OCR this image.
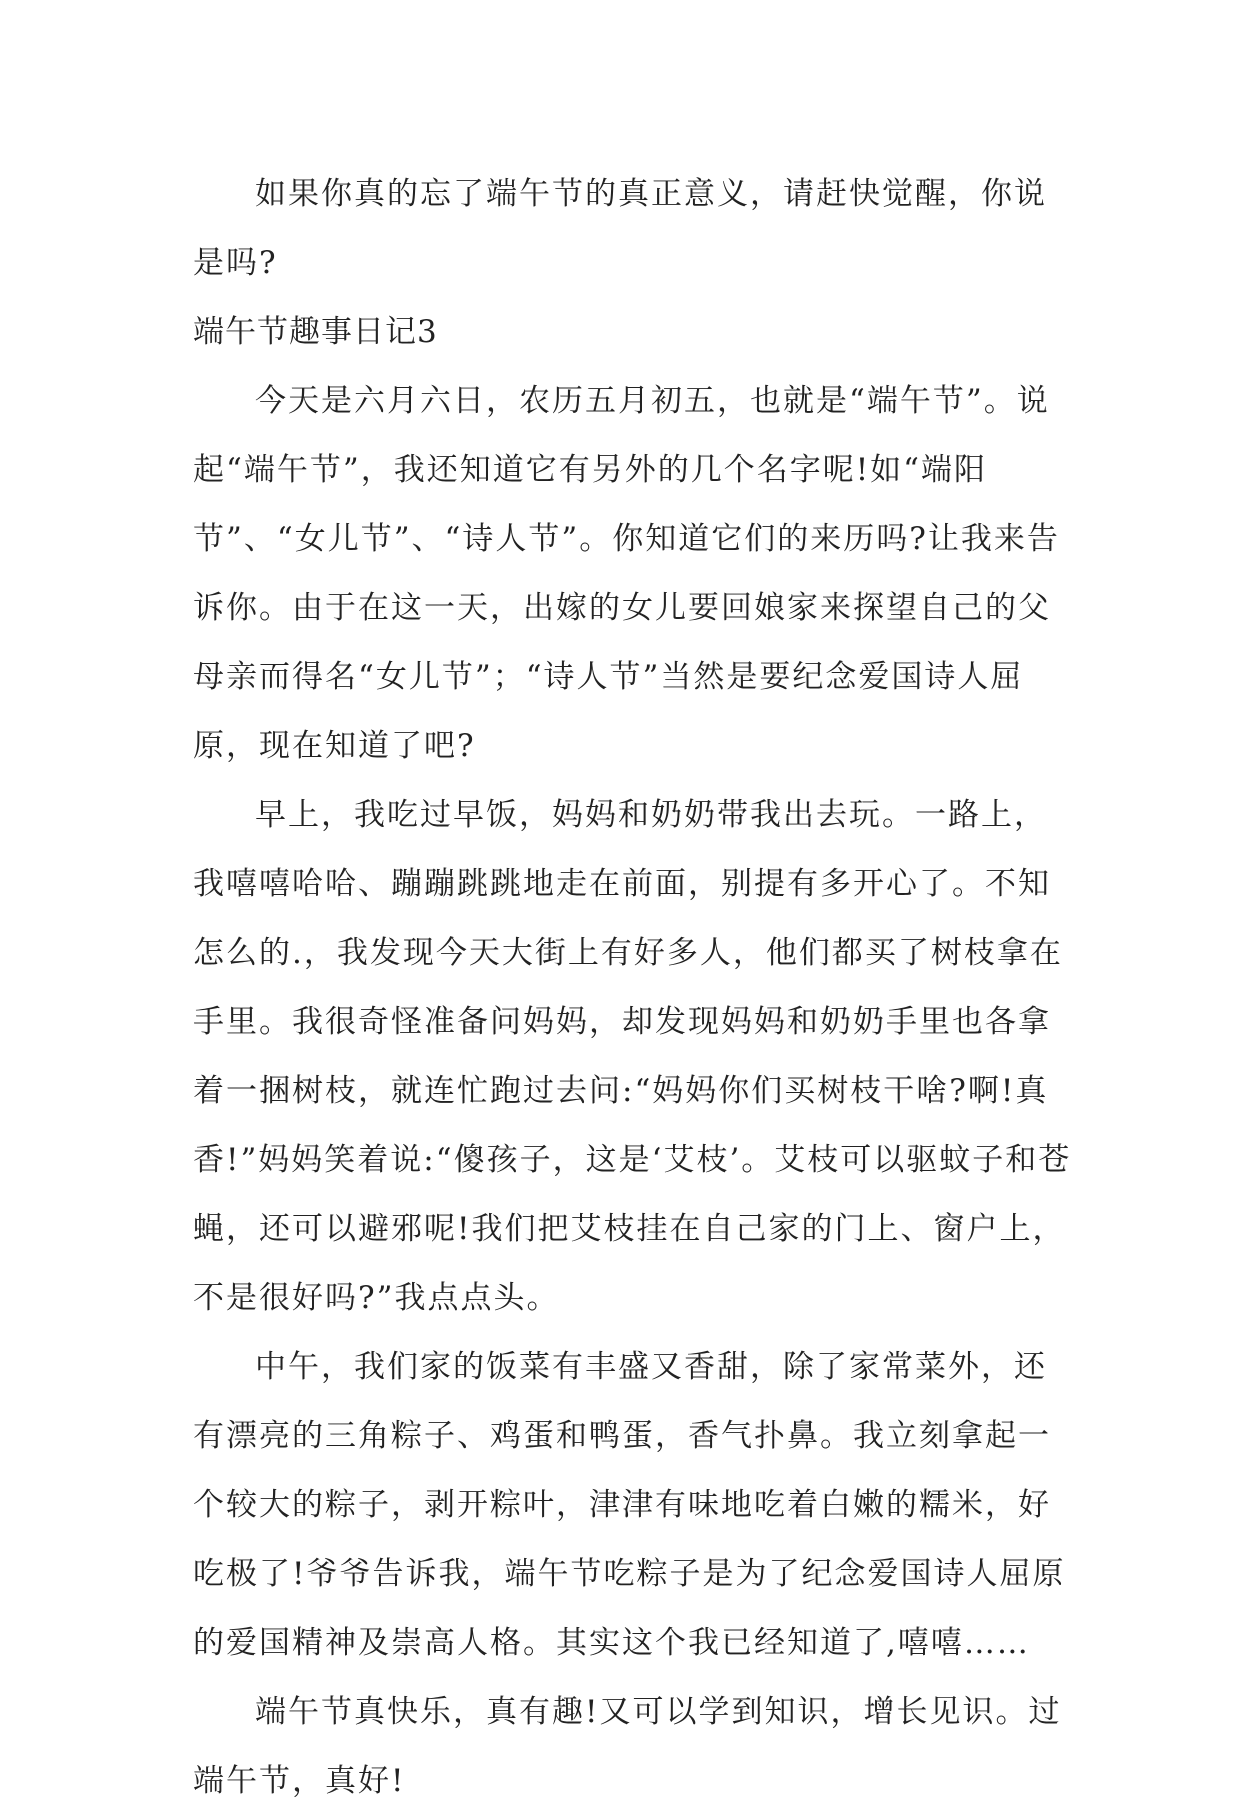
如果你真的忘了端午节的真正意义，请赶快觉醒，你说是吗?

端午节趣事日记3

今天是六月六日，农历五月初五，也就是“端午节”。说起“端午节”，我还知道它有另外的几个名字呢!如“端阳节”、“女儿节”、“诗人节”。你知道它们的来历吗?让我来告诉你。由于在这一天，出嫁的女儿要回娘家来探望自己的父母亲而得名“女儿节”；“诗人节”当然是要纪念爱国诗人屈原，现在知道了吧?

早上，我吃过早饭，妈妈和奶奶带我出去玩。一路上，我嘻嘻哈哈、蹦蹦跳跳地走在前面，别提有多开心了。不知怎么的.，我发现今天大街上有好多人，他们都买了树枝拿在手里。我很奇怪准备问妈妈，却发现妈妈和奶奶手里也各拿着一捆树枝，就连忙跑过去问:“妈妈你们买树枝干啥?啊!真香!”妈妈笑着说:“傻孩子，这是‘艾枝’。艾枝可以驱蚊子和苍蝇，还可以避邪呢!我们把艾枝挂在自己家的门上、窗户上，不是很好吗?”我点点头。

中午，我们家的饭菜有丰盛又香甜，除了家常菜外，还有漂亮的三角粽子、鸡蛋和鸭蛋，香气扑鼻。我立刻拿起一个较大的粽子，剥开粽叶，津津有味地吃着白嫩的糯米，好吃极了!爷爷告诉我，端午节吃粽子是为了纪念爱国诗人屈原的爱国精神及崇高人格。其实这个我已经知道了,嘻嘻……

端午节真快乐，真有趣!又可以学到知识，增长见识。过端午节，真好!
